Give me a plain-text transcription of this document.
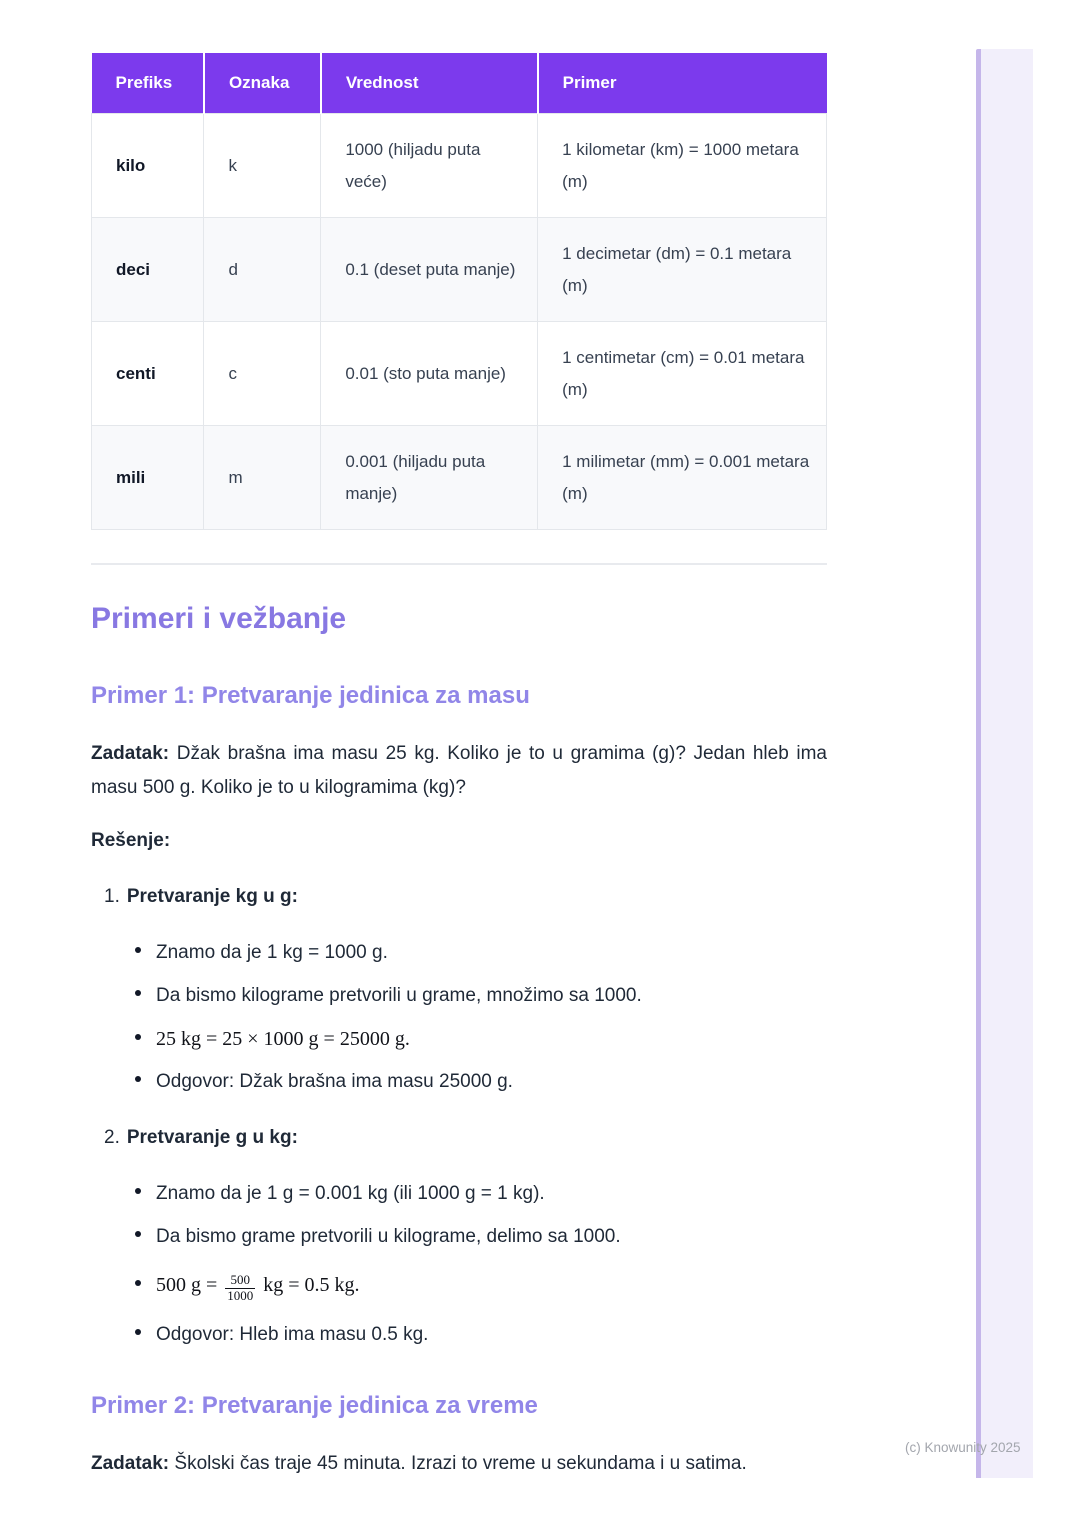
Prefiks	Oznaka	Vrednost	Primer
kilo	k	1000 (hiljadu puta veće)	1 kilometar (km) = 1000 metara (m)
deci	d	0.1 (deset puta manje)	1 decimetar (dm) = 0.1 metara (m)
centi	c	0.01 (sto puta manje)	1 centimetar (cm) = 0.01 metara (m)
mili	m	0.001 (hiljadu puta manje)	1 milimetar (mm) = 0.001 metara (m)
Primeri i vežbanje
Primer 1: Pretvaranje jedinica za masu

Zadatak: Džak brašna ima masu 25 kg. Koliko je to u gramima (g)? Jedan hleb ima masu 500 g. Koliko je to u kilogramima (kg)?

Rešenje:

1. Pretvaranje kg u g:
Znamo da je 1 kg = 1000 g.
Da bismo kilograme pretvorili u grame, množimo sa 1000.
25 kg = 25 × 1000 g = 25000 g.
Odgovor: Džak brašna ima masu 25000 g.
2. Pretvaranje g u kg:
Znamo da je 1 g = 0.001 kg (ili 1000 g = 1 kg).
Da bismo grame pretvorili u kilograme, delimo sa 1000.
500 $g = \frac{500}{1000}$ kg = 0.5 kg.
Odgovor: Hleb ima masu 0.5 kg.
Primer 2: Pretvaranje jedinica za vreme

Zadatak: Školski čas traje 45 minuta. Izrazi to vreme u sekundama i u satima.

(c) Knowunity 2025
